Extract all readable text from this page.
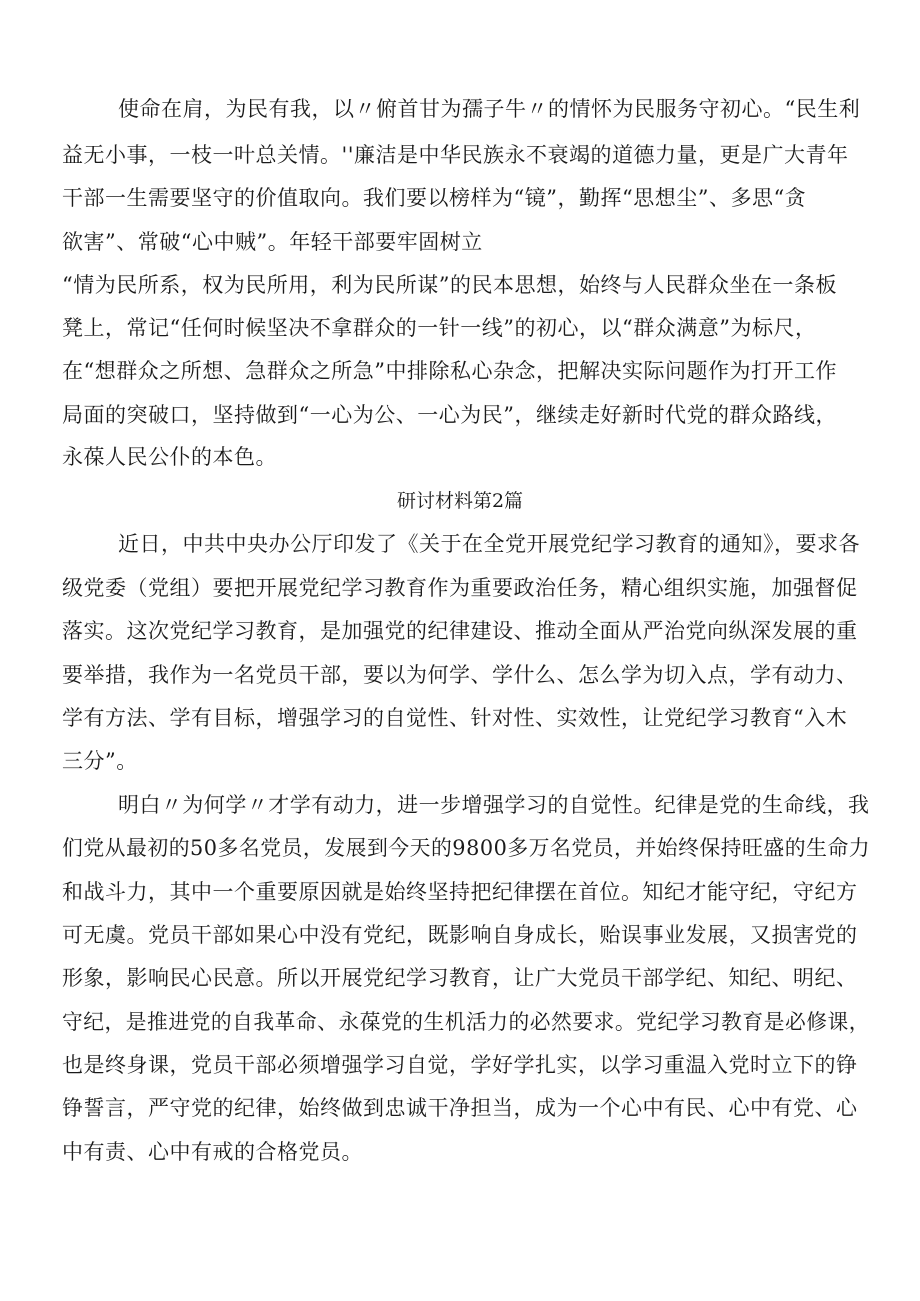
使命在肩，为民有我，以〃俯首甘为孺子牛〃的情怀为民服务守初心。“民生利
益无小事，一枝一叶总关情。''廉洁是中华民族永不衰竭的道德力量，更是广大青年
干部一生需要坚守的价值取向。我们要以榜样为“镜”，勤挥“思想尘”、多思“贪
欲害”、常破“心中贼”。年轻干部要牢固树立
“情为民所系，权为民所用，利为民所谋”的民本思想，始终与人民群众坐在一条板
凳上，常记“任何时候坚决不拿群众的一针一线”的初心，以“群众满意”为标尺，
在“想群众之所想、急群众之所急”中排除私心杂念，把解决实际问题作为打开工作
局面的突破口，坚持做到“一心为公、一心为民”，继续走好新时代党的群众路线，
永葆人民公仆的本色。
研讨材料第2篇
近日，中共中央办公厅印发了《关于在全党开展党纪学习教育的通知》，要求各
级党委（党组）要把开展党纪学习教育作为重要政治任务，精心组织实施，加强督促
落实。这次党纪学习教育，是加强党的纪律建设、推动全面从严治党向纵深发展的重
要举措，我作为一名党员干部，要以为何学、学什么、怎么学为切入点，学有动力、
学有方法、学有目标，增强学习的自觉性、针对性、实效性，让党纪学习教育“入木
三分”。
明白〃为何学〃才学有动力，进一步增强学习的自觉性。纪律是党的生命线，我
们党从最初的50多名党员，发展到今天的9800多万名党员，并始终保持旺盛的生命力
和战斗力，其中一个重要原因就是始终坚持把纪律摆在首位。知纪才能守纪，守纪方
可无虞。党员干部如果心中没有党纪，既影响自身成长，贻误事业发展，又损害党的
形象，影响民心民意。所以开展党纪学习教育，让广大党员干部学纪、知纪、明纪、
守纪，是推进党的自我革命、永葆党的生机活力的必然要求。党纪学习教育是必修课，
也是终身课，党员干部必须增强学习自觉，学好学扎实，以学习重温入党时立下的铮
铮誓言，严守党的纪律，始终做到忠诚干净担当，成为一个心中有民、心中有党、心
中有责、心中有戒的合格党员。
